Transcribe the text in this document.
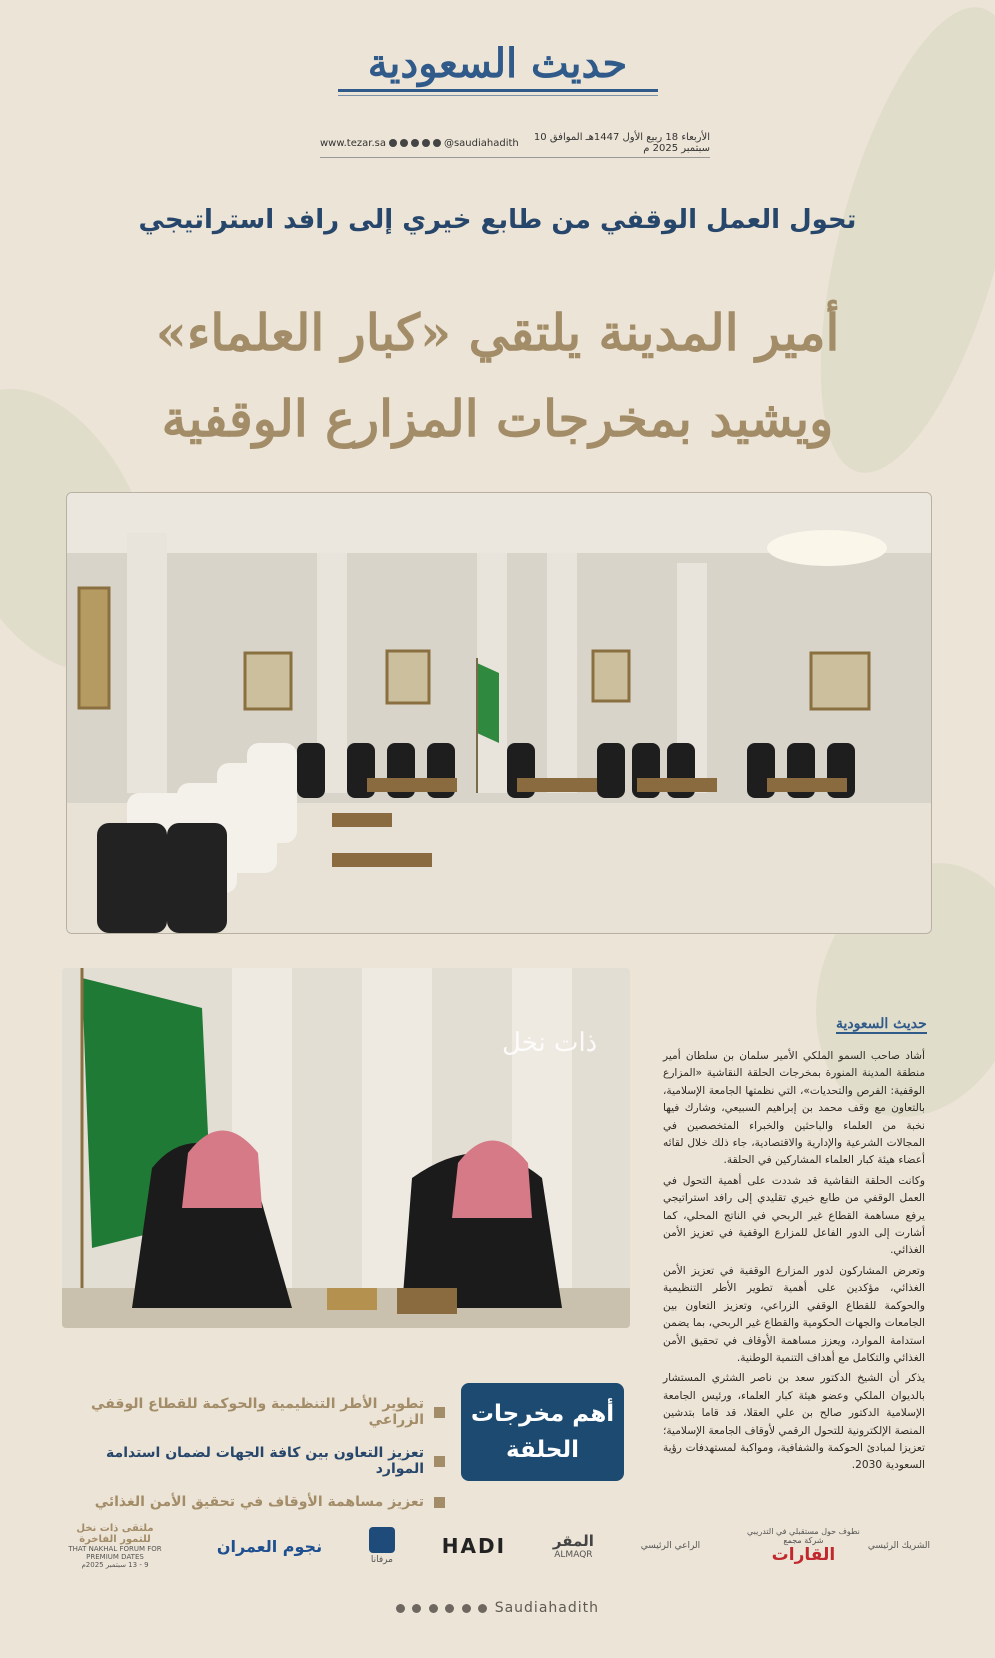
حديث السعودية
www.tezar.sa	@saudiahadith	الأربعاء 18 ربيع الأول 1447هـ الموافق 10 سبتمبر 2025 م
تحول العمل الوقفي من طابع خيري إلى رافد استراتيجي
أمير المدينة يلتقي «كبار العلماء»
ويشيد بمخرجات المزارع الوقفية
ذات نخل
حديث السعودية

أشاد صاحب السمو الملكي الأمير سلمان بن سلطان أمير منطقة المدينة المنورة بمخرجات الحلقة النقاشية «المزارع الوقفية: الفرص والتحديات»، التي نظمتها الجامعة الإسلامية، بالتعاون مع وقف محمد بن إبراهيم السبيعي، وشارك فيها نخبة من العلماء والباحثين والخبراء المتخصصين في المجالات الشرعية والإدارية والاقتصادية، جاء ذلك خلال لقائه أعضاء هيئة كبار العلماء المشاركين في الحلقة.

وكانت الحلقة النقاشية قد شددت على أهمية التحول في العمل الوقفي من طابع خيري تقليدي إلى رافد استراتيجي يرفع مساهمة القطاع غير الربحي في الناتج المحلي، كما أشارت إلى الدور الفاعل للمزارع الوقفية في تعزيز الأمن الغذائي.

وتعرض المشاركون لدور المزارع الوقفية في تعزيز الأمن الغذائي، مؤكدين على أهمية تطوير الأطر التنظيمية والحوكمة للقطاع الوقفي الزراعي، وتعزيز التعاون بين الجامعات والجهات الحكومية والقطاع غير الربحي، بما يضمن استدامة الموارد، ويعزز مساهمة الأوقاف في تحقيق الأمن الغذائي والتكامل مع أهداف التنمية الوطنية.

يذكر أن الشيخ الدكتور سعد بن ناصر الشثري المستشار بالديوان الملكي وعضو هيئة كبار العلماء، ورئيس الجامعة الإسلامية الدكتور صالح بن علي العقلا، قد قاما بتدشين المنصة الإلكترونية للتحول الرقمي لأوقاف الجامعة الإسلامية؛ تعزيزا لمبادئ الحوكمة والشفافية، ومواكبة لمستهدفات رؤية السعودية 2030.

أهم مخرجات
الحلقة
تطوير الأطر التنظيمية والحوكمة للقطاع الوقفي الزراعي
تعزيز التعاون بين كافة الجهات لضمان استدامة الموارد
تعزيز مساهمة الأوقاف في تحقيق الأمن الغذائي
الشريك الرئيسي
نطوف حول مستقبلي في التدريبي
شركة مجمع
القارات
الراعي الرئيسي
المقر
ALMAQR
HADI
مرفانا
نجوم العمران
ملتقى ذات نخل للتمور الفاخرة
THAT NAKHAL FORUM FOR PREMIUM DATES
9 - 13 سبتمبر 2025م
Saudiahadith
